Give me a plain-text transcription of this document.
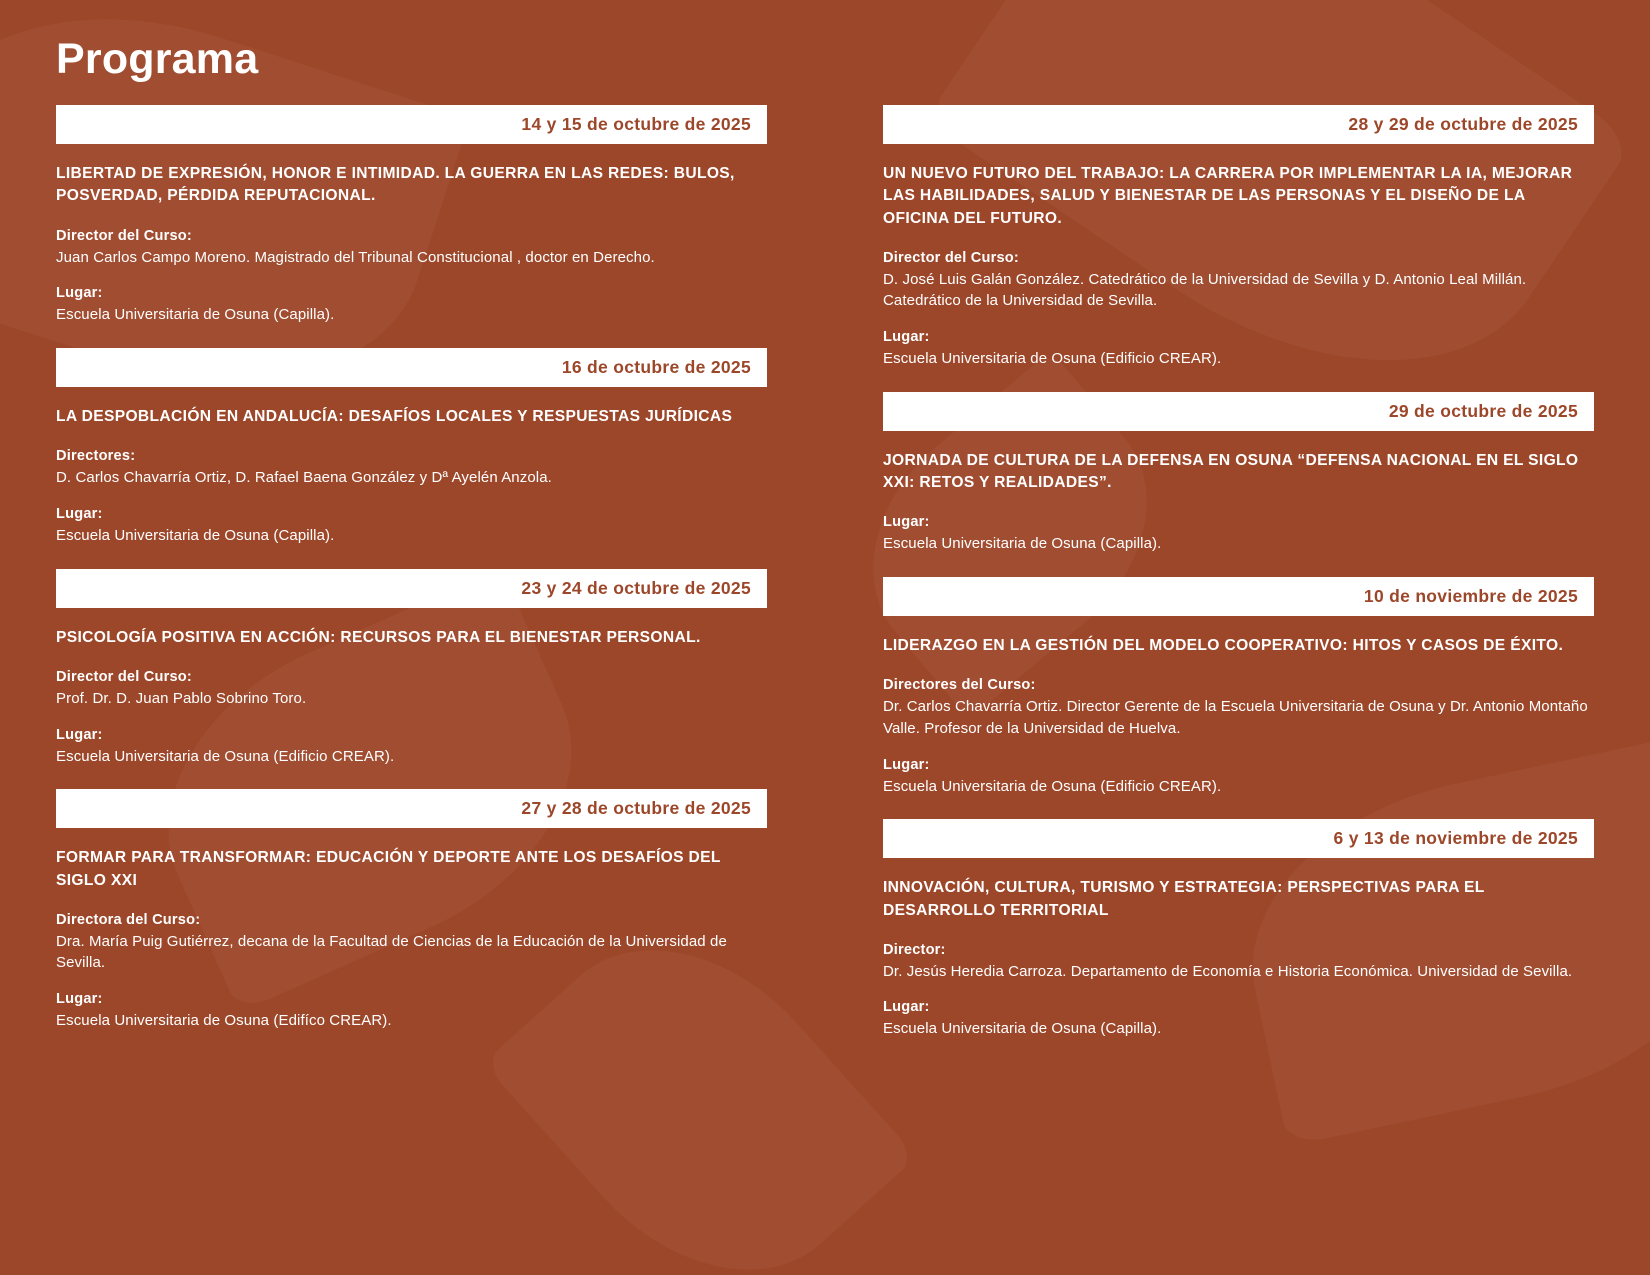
Programa
14 y 15 de octubre de 2025
LIBERTAD DE EXPRESIÓN, HONOR E INTIMIDAD. LA GUERRA EN LAS REDES: BULOS, POSVERDAD, PÉRDIDA REPUTACIONAL.
Director del Curso:
Juan Carlos Campo Moreno. Magistrado del Tribunal Constitucional , doctor en Derecho.
Lugar:
Escuela Universitaria de Osuna (Capilla).
16 de octubre de 2025
LA DESPOBLACIÓN EN ANDALUCÍA: DESAFÍOS LOCALES Y RESPUESTAS JURÍDICAS
Directores:
D. Carlos Chavarría Ortiz, D. Rafael Baena González y Dª Ayelén Anzola.
Lugar:
Escuela Universitaria de Osuna (Capilla).
23 y 24 de octubre de 2025
PSICOLOGÍA POSITIVA EN ACCIÓN: RECURSOS PARA EL BIENESTAR PERSONAL.
Director del Curso:
Prof. Dr. D. Juan Pablo Sobrino Toro.
Lugar:
Escuela Universitaria de Osuna (Edificio CREAR).
27 y 28 de octubre de 2025
FORMAR PARA TRANSFORMAR: EDUCACIÓN Y DEPORTE ANTE LOS DESAFÍOS DEL SIGLO XXI
Directora del Curso:
Dra. María Puig Gutiérrez, decana de la Facultad de Ciencias de la Educación de la Universidad de Sevilla.
Lugar:
Escuela Universitaria de Osuna (Edifíco CREAR).
28 y 29 de octubre de 2025
UN NUEVO FUTURO DEL TRABAJO: LA CARRERA POR IMPLEMENTAR LA IA, MEJORAR LAS HABILIDADES, SALUD Y BIENESTAR DE LAS PERSONAS Y EL DISEÑO DE LA OFICINA DEL FUTURO.
Director del Curso:
D. José Luis Galán González. Catedrático de la Universidad de Sevilla y D. Antonio Leal Millán. Catedrático de la Universidad de Sevilla.
Lugar:
Escuela Universitaria de Osuna (Edificio CREAR).
29 de octubre de 2025
JORNADA DE CULTURA DE LA DEFENSA EN OSUNA “DEFENSA NACIONAL EN EL SIGLO XXI: RETOS Y REALIDADES”.
Lugar:
Escuela Universitaria de Osuna (Capilla).
10 de noviembre de 2025
LIDERAZGO EN LA GESTIÓN DEL MODELO COOPERATIVO: HITOS Y CASOS DE ÉXITO.
Directores del Curso:
Dr. Carlos Chavarría Ortiz. Director Gerente de la Escuela Universitaria de Osuna y Dr. Antonio Montaño Valle. Profesor de la Universidad de Huelva.
Lugar:
Escuela Universitaria de Osuna (Edificio CREAR).
6 y 13 de noviembre de 2025
INNOVACIÓN, CULTURA, TURISMO Y ESTRATEGIA: PERSPECTIVAS PARA EL DESARROLLO TERRITORIAL
Director:
Dr. Jesús Heredia Carroza. Departamento de Economía e Historia Económica. Universidad de Sevilla.
Lugar:
Escuela Universitaria de Osuna (Capilla).
